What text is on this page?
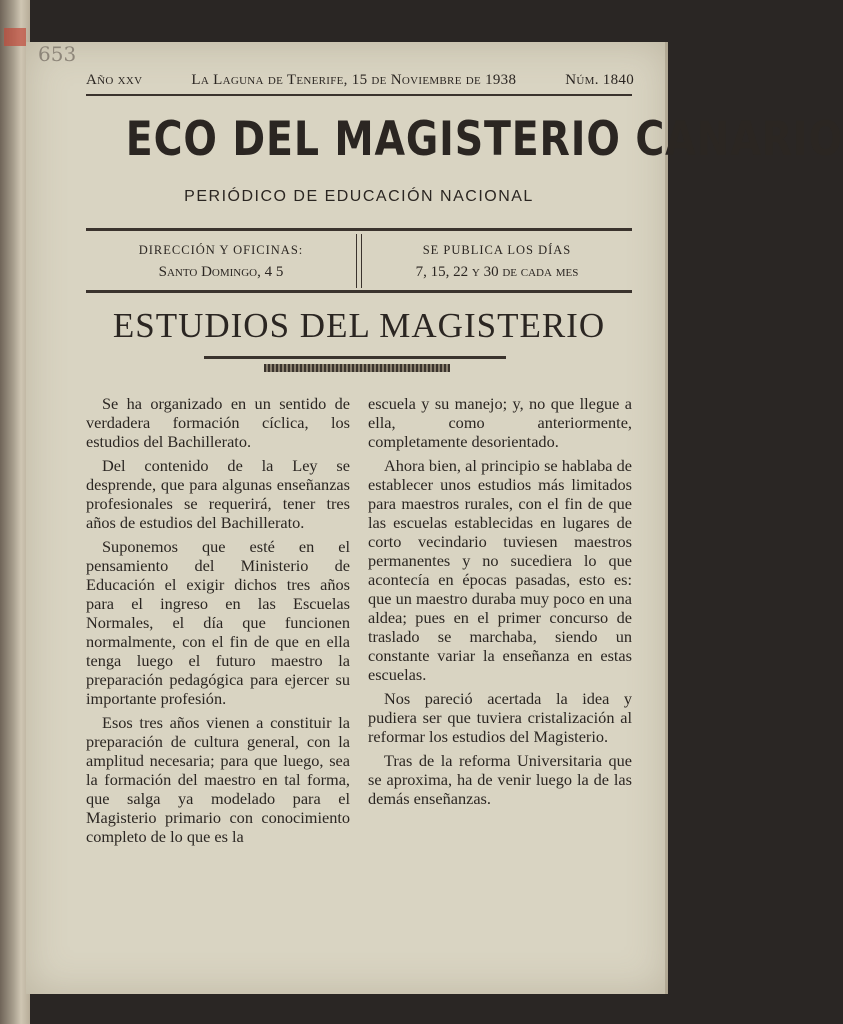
653
Año xxv	La Laguna de Tenerife, 15 de Noviembre de 1938	Núm. 1840
ECO DEL MAGISTERIO CANARIO
PERIÓDICO DE EDUCACIÓN NACIONAL
DIRECCIÓN Y OFICINAS:
Santo Domingo, 4 5
SE PUBLICA LOS DÍAS
7, 15, 22 y 30 de cada mes
ESTUDIOS DEL MAGISTERIO

Se ha organizado en un sentido de verdadera formación cíclica, los estudios del Bachillerato.

Del contenido de la Ley se desprende, que para algunas enseñanzas profesionales se requerirá, tener tres años de estudios del Bachillerato.

Suponemos que esté en el pensamiento del Ministerio de Educación el exigir dichos tres años para el ingreso en las Escuelas Normales, el día que funcionen normalmente, con el fin de que en ella tenga luego el futuro maestro la preparación pedagógica para ejercer su importante profesión.

Esos tres años vienen a constituir la preparación de cultura general, con la amplitud necesaria; para que luego, sea la formación del maestro en tal forma, que salga ya modelado para el Magisterio primario con conocimiento completo de lo que es la

escuela y su manejo; y, no que llegue a ella, como anteriormente, completamente desorientado.

Ahora bien, al principio se hablaba de establecer unos estudios más limitados para maestros rurales, con el fin de que las escuelas establecidas en lugares de corto vecindario tuviesen maestros permanentes y no sucediera lo que acontecía en épocas pasadas, esto es: que un maestro duraba muy poco en una aldea; pues en el primer concurso de traslado se marchaba, siendo un constante variar la enseñanza en estas escuelas.

Nos pareció acertada la idea y pudiera ser que tuviera cristalización al reformar los estudios del Magisterio.

Tras de la reforma Universitaria que se aproxima, ha de venir luego la de las demás enseñanzas.
